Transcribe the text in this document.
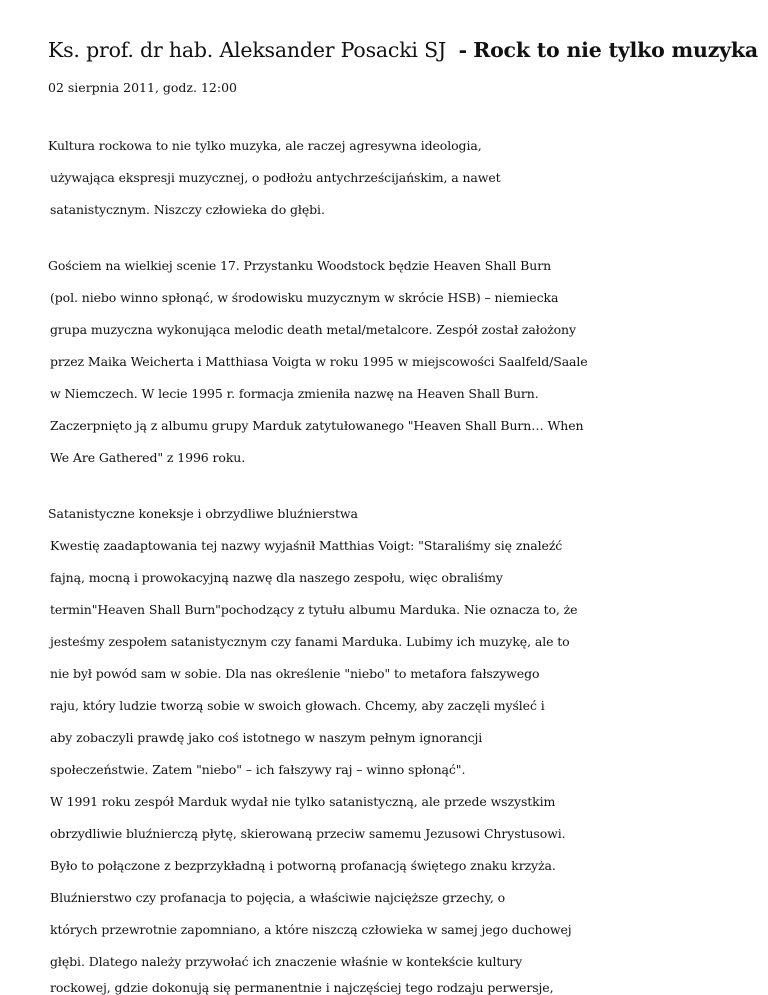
Ks. prof. dr hab. Aleksander Posacki SJ - Rock to nie tylko muzyka
02 sierpnia 2011, godz. 12:00
Kultura rockowa to nie tylko muzyka, ale raczej agresywna ideologia,
używająca ekspresji muzycznej, o podłożu antychrześcijańskim, a nawet
satanistycznym. Niszczy człowieka do głębi.
Gościem na wielkiej scenie 17. Przystanku Woodstock będzie Heaven Shall Burn
(pol. niebo winno spłonąć, w środowisku muzycznym w skrócie HSB) – niemiecka
grupa muzyczna wykonująca melodic death metal/metalcore. Zespół został założony
przez Maika Weicherta i Matthiasa Voigta w roku 1995 w miejscowości Saalfeld/Saale
w Niemczech. W lecie 1995 r. formacja zmieniła nazwę na Heaven Shall Burn.
Zaczerpnięto ją z albumu grupy Marduk zatytułowanego "Heaven Shall Burn… When
We Are Gathered" z 1996 roku.
Satanistyczne koneksje i obrzydliwe bluźnierstwa
Kwestię zaadaptowania tej nazwy wyjaśnił Matthias Voigt: "Staraliśmy się znaleźć
fajną, mocną i prowokacyjną nazwę dla naszego zespołu, więc obraliśmy
termin"Heaven Shall Burn"pochodzący z tytułu albumu Marduka. Nie oznacza to, że
jesteśmy zespołem satanistycznym czy fanami Marduka. Lubimy ich muzykę, ale to
nie był powód sam w sobie. Dla nas określenie "niebo" to metafora fałszywego
raju, który ludzie tworzą sobie w swoich głowach. Chcemy, aby zaczęli myśleć i
aby zobaczyli prawdę jako coś istotnego w naszym pełnym ignorancji
społeczeństwie. Zatem "niebo" – ich fałszywy raj – winno spłonąć".
W 1991 roku zespół Marduk wydał nie tylko satanistyczną, ale przede wszystkim
obrzydliwie bluźnierczą płytę, skierowaną przeciw samemu Jezusowi Chrystusowi.
Było to połączone z bezprzykładną i potworną profanacją świętego znaku krzyża.
Bluźnierstwo czy profanacja to pojęcia, a właściwie najcięższe grzechy, o
których przewrotnie zapomniano, a które niszczą człowieka w samej jego duchowej
głębi. Dlatego należy przywołać ich znaczenie właśnie w kontekście kultury
rockowej, gdzie dokonują się permanentnie i najczęściej tego rodzaju perwersje,
